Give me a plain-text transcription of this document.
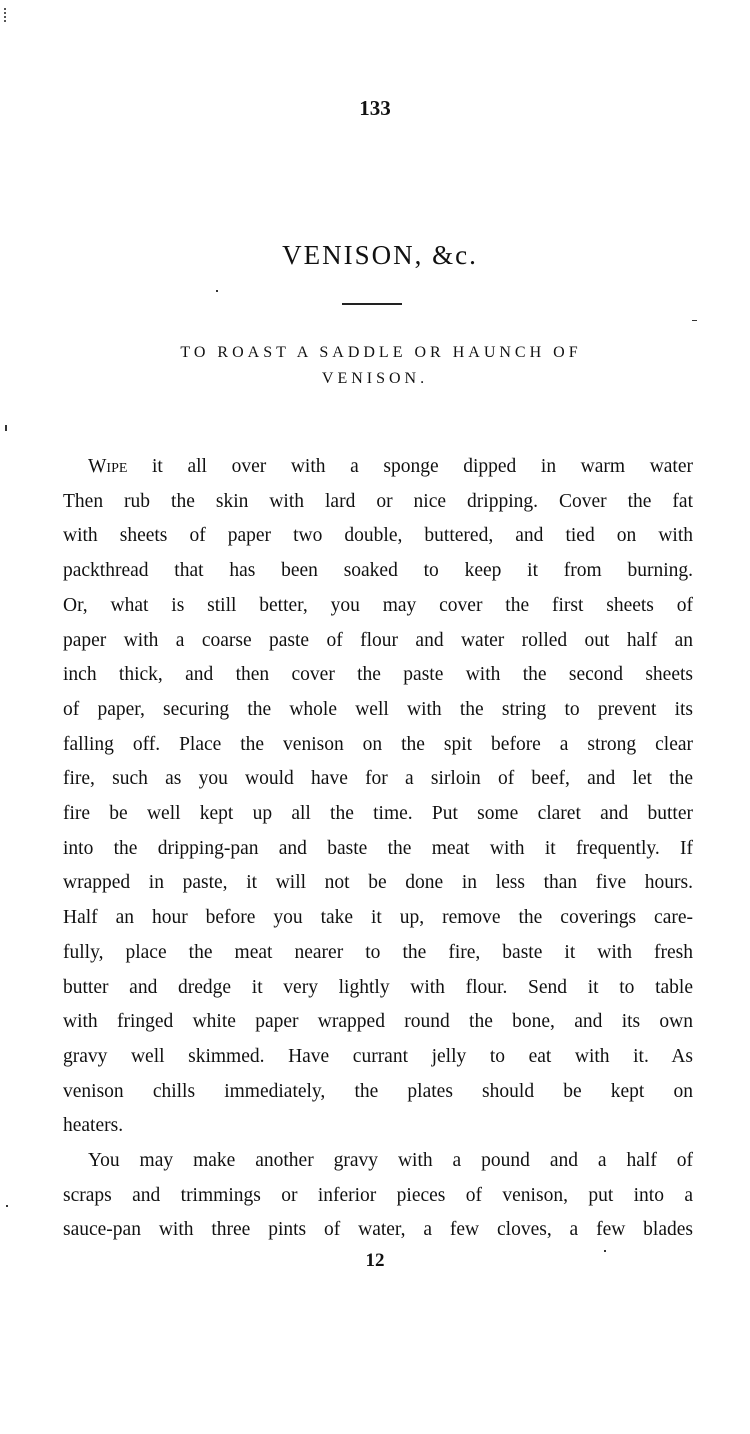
133
VENISON, &c.
TO ROAST A SADDLE OR HAUNCH OF
VENISON.
Wipe it all over with a sponge dipped in warm water
Then rub the skin with lard or nice dripping. Cover the fat
with sheets of paper two double, buttered, and tied on with
packthread that has been soaked to keep it from burning.
Or, what is still better, you may cover the first sheets of
paper with a coarse paste of flour and water rolled out half an
inch thick, and then cover the paste with the second sheets
of paper, securing the whole well with the string to prevent its
falling off. Place the venison on the spit before a strong clear
fire, such as you would have for a sirloin of beef, and let the
fire be well kept up all the time. Put some claret and butter
into the dripping-pan and baste the meat with it frequently. If
wrapped in paste, it will not be done in less than five hours.
Half an hour before you take it up, remove the coverings care-
fully, place the meat nearer to the fire, baste it with fresh
butter and dredge it very lightly with flour. Send it to table
with fringed white paper wrapped round the bone, and its own
gravy well skimmed. Have currant jelly to eat with it. As
venison chills immediately, the plates should be kept on
heaters.
You may make another gravy with a pound and a half of
scraps and trimmings or inferior pieces of venison, put into a
sauce-pan with three pints of water, a few cloves, a few blades
12
